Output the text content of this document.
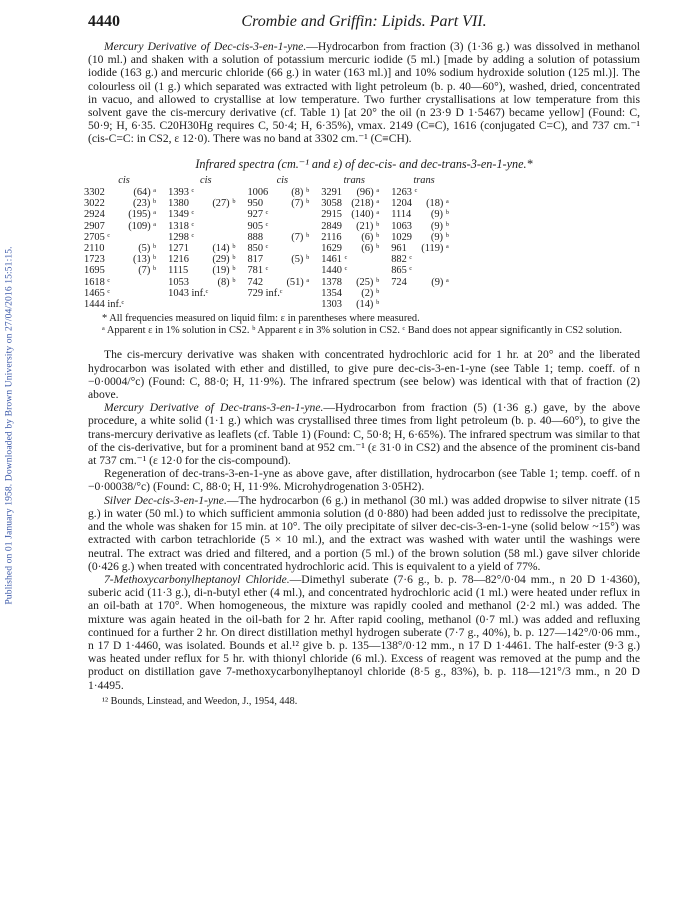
Published on 01 January 1958. Downloaded by Brown University on 27/04/2016 15:51:15.
4440	Crombie and Griffin: Lipids. Part VII.

Mercury Derivative of Dec-cis-3-en-1-yne.—Hydrocarbon from fraction (3) (1·36 g.) was dissolved in methanol (10 ml.) and shaken with a solution of potassium mercuric iodide (5 ml.) [made by adding a solution of potassium iodide (163 g.) and mercuric chloride (66 g.) in water (163 ml.)] and 10% sodium hydroxide solution (125 ml.)]. The colourless oil (1 g.) which separated was extracted with light petroleum (b. p. 40—60°), washed, dried, concentrated in vacuo, and allowed to crystallise at low temperature. Two further crystallisations at low temperature from this solvent gave the cis-mercury derivative (cf. Table 1) [at 20° the oil (n 23·9 D 1·5467) became yellow] (Found: C, 50·9; H, 6·35. C20H30Hg requires C, 50·4; H, 6·35%), νmax. 2149 (C≡C), 1616 (conjugated C=C), and 737 cm.⁻¹ (cis-C=C: in CS2, ε 12·0). There was no band at 3302 cm.⁻¹ (C≡CH).

Infrared spectra (cm.⁻¹ and ε) of dec-cis- and dec-trans-3-en-1-yne.*
cis		cis		cis		trans		trans	
3302	(64) ᵃ	1393 ᶜ		1006	(8) ᵇ	3291	(96) ᵃ	1263 ᶜ	
3022	(23) ᵇ	1380	(27) ᵇ	950	(7) ᵇ	3058	(218) ᵃ	1204	(18) ᵃ
2924	(195) ᵃ	1349 ᶜ		927 ᶜ		2915	(140) ᵃ	1114	(9) ᵇ
2907	(109) ᵃ	1318 ᶜ		905 ᶜ		2849	(21) ᵇ	1063	(9) ᵇ
2705 ᶜ		1298 ᶜ		888	(7) ᵇ	2116	(6) ᵇ	1029	(9) ᵇ
2110	(5) ᵇ	1271	(14) ᵇ	850 ᶜ		1629	(6) ᵇ	961	(119) ᵃ
1723	(13) ᵇ	1216	(29) ᵇ	817	(5) ᵇ	1461 ᶜ		882 ᶜ	
1695	(7) ᵇ	1115	(19) ᵇ	781 ᶜ		1440 ᶜ		865 ᶜ	
1618 ᶜ		1053	(8) ᵇ	742	(51) ᵃ	1378	(25) ᵇ	724	(9) ᵃ
1465 ᶜ		1043 inf.ᶜ		729 inf.ᶜ		1354	(2) ᵇ		
1444 inf.ᶜ						1303	(14) ᵇ		
* All frequencies measured on liquid film: ε in parentheses where measured.
ᵃ Apparent ε in 1% solution in CS2. ᵇ Apparent ε in 3% solution in CS2. ᶜ Band does not appear significantly in CS2 solution.

The cis-mercury derivative was shaken with concentrated hydrochloric acid for 1 hr. at 20° and the liberated hydrocarbon was isolated with ether and distilled, to give pure dec-cis-3-en-1-yne (see Table 1; temp. coeff. of n −0·0004/°c) (Found: C, 88·0; H, 11·9%). The infrared spectrum (see below) was identical with that of fraction (2) above.

Mercury Derivative of Dec-trans-3-en-1-yne.—Hydrocarbon from fraction (5) (1·36 g.) gave, by the above procedure, a white solid (1·1 g.) which was crystallised three times from light petroleum (b. p. 40—60°), to give the trans-mercury derivative as leaflets (cf. Table 1) (Found: C, 50·8; H, 6·65%). The infrared spectrum was similar to that of the cis-derivative, but for a prominent band at 952 cm.⁻¹ (ε 31·0 in CS2) and the absence of the prominent cis-band at 737 cm.⁻¹ (ε 12·0 for the cis-compound).

Regeneration of dec-trans-3-en-1-yne as above gave, after distillation, hydrocarbon (see Table 1; temp. coeff. of n −0·00038/°c) (Found: C, 88·0; H, 11·9%. Microhydrogenation 3·05H2).

Silver Dec-cis-3-en-1-yne.—The hydrocarbon (6 g.) in methanol (30 ml.) was added dropwise to silver nitrate (15 g.) in water (50 ml.) to which sufficient ammonia solution (d 0·880) had been added just to redissolve the precipitate, and the whole was shaken for 15 min. at 10°. The oily precipitate of silver dec-cis-3-en-1-yne (solid below ~15°) was extracted with carbon tetrachloride (5 × 10 ml.), and the extract was washed with water until the washings were neutral. The extract was dried and filtered, and a portion (5 ml.) of the brown solution (58 ml.) gave silver chloride (0·426 g.) when treated with concentrated hydrochloric acid. This is equivalent to a yield of 77%.

7-Methoxycarbonylheptanoyl Chloride.—Dimethyl suberate (7·6 g., b. p. 78—82°/0·04 mm., n 20 D 1·4360), suberic acid (11·3 g.), di-n-butyl ether (4 ml.), and concentrated hydrochloric acid (1 ml.) were heated under reflux in an oil-bath at 170°. When homogeneous, the mixture was rapidly cooled and methanol (2·2 ml.) was added. The mixture was again heated in the oil-bath for 2 hr. After rapid cooling, methanol (0·7 ml.) was added and refluxing continued for a further 2 hr. On direct distillation methyl hydrogen suberate (7·7 g., 40%), b. p. 127—142°/0·06 mm., n 17 D 1·4460, was isolated. Bounds et al.¹² give b. p. 135—138°/0·12 mm., n 17 D 1·4461. The half-ester (9·3 g.) was heated under reflux for 5 hr. with thionyl chloride (6 ml.). Excess of reagent was removed at the pump and the product on distillation gave 7-methoxycarbonylheptanoyl chloride (8·5 g., 83%), b. p. 118—121°/3 mm., n 20 D 1·4495.

¹² Bounds, Linstead, and Weedon, J., 1954, 448.
